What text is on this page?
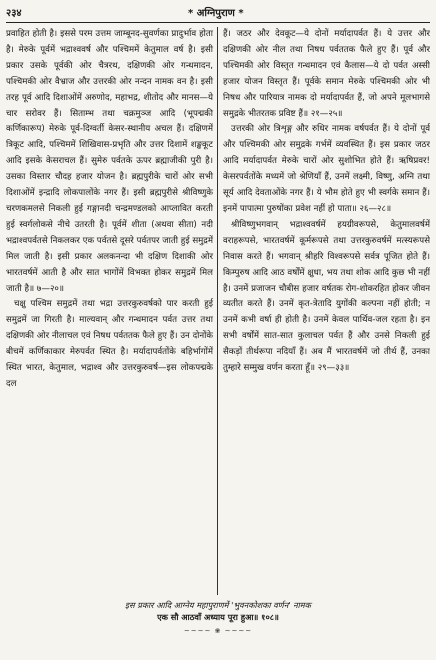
२३४	* अग्निपुराण *

प्रवाहित होती है। इससे परम उत्तम जाम्बूनद-सुवर्णका प्रादुर्भाव होता है। मेरुके पूर्वमें भद्राश्ववर्ष और पश्चिममें केतुमाल वर्ष है। इसी प्रकार उसके पूर्वकी ओर चैत्ररथ, दक्षिणकी ओर गन्धमादन, पश्चिमकी ओर वैभ्राज और उत्तरकी ओर नन्दन नामक वन है। इसी तरह पूर्व आदि दिशाओंमें अरुणोद, महाभद्र, शीतोद और मानस—ये चार सरोवर हैं। सिताम्भ तथा चक्रमुञ्ज आदि (भूपद्मकी कर्णिकारूप) मेरुके पूर्व-दिग्वर्ती केसर-स्थानीय अचल हैं। दक्षिणमें त्रिकूट आदि, पश्चिममें शिखिवास-प्रभृति और उत्तर दिशामें शङ्खकूट आदि इसके केसराचल हैं। सुमेरु पर्वतके ऊपर ब्रह्माजीकी पुरी है। उसका विस्तार चौदह हजार योजन है। ब्रह्मपुरीके चारों ओर सभी दिशाओंमें इन्द्रादि लोकपालोंके नगर हैं। इसी ब्रह्मपुरीसे श्रीविष्णुके चरणकमलसे निकली हुई गङ्गानदी चन्द्रमण्डलको आप्लावित करती हुई स्वर्गलोकसे नीचे उतरती है। पूर्वमें शीता (अथवा सीता) नदी भद्राश्वपर्वतसे निकलकर एक पर्वतसे दूसरे पर्वतपर जाती हुई समुद्रमें मिल जाती है। इसी प्रकार अलकनन्दा भी दक्षिण दिशाकी ओर भारतवर्षमें आती है और सात भागोंमें विभक्त होकर समुद्रमें मिल जाती है॥ ७—२०॥

चक्षु पश्चिम समुद्रमें तथा भद्रा उत्तरकुरुवर्षको पार करती हुई समुद्रमें जा गिरती है। माल्यवान् और गन्धमादन पर्वत उत्तर तथा दक्षिणकी ओर नीलाचल एवं निषध पर्वततक फैले हुए हैं। उन दोनोंके बीचमें कर्णिकाकार मेरुपर्वत स्थित है। मर्यादापर्वतोंके बहिर्भागोंमें स्थित भारत, केतुमाल, भद्राश्व और उत्तरकुरुवर्ष—इस लोकपद्मके दल

हैं। जठर और देवकूट—ये दोनों मर्यादापर्वत हैं। ये उत्तर और दक्षिणकी ओर नील तथा निषध पर्वततक फैले हुए हैं। पूर्व और पश्चिमकी ओर विस्तृत गन्धमादन एवं कैलास—ये दो पर्वत अस्सी हजार योजन विस्तृत हैं। पूर्वके समान मेरुके पश्चिमकी ओर भी निषध और पारियात्र नामक दो मर्यादापर्वत हैं, जो अपने मूलभागसे समुद्रके भीतरतक प्रविष्ट हैं॥ २१—२५॥

उत्तरकी ओर त्रिशृङ्ग और रुधिर नामक वर्षपर्वत हैं। ये दोनों पूर्व और पश्चिमकी ओर समुद्रके गर्भमें व्यवस्थित हैं। इस प्रकार जठर आदि मर्यादापर्वत मेरुके चारों ओर सुशोभित होते हैं। ऋषिप्रवर! केसरपर्वतोंके मध्यमें जो श्रेणियाँ हैं, उनमें लक्ष्मी, विष्णु, अग्नि तथा सूर्य आदि देवताओंके नगर हैं। ये भौम होते हुए भी स्वर्गके समान हैं। इनमें पापात्मा पुरुषोंका प्रवेश नहीं हो पाता॥ २६—२८॥

श्रीविष्णुभगवान् भद्राश्ववर्षमें हयग्रीवरूपसे, केतुमालवर्षमें वराहरूपसे, भारतवर्षमें कूर्मरूपसे तथा उत्तरकुरुवर्षमें मत्स्यरूपसे निवास करते हैं। भगवान् श्रीहरि विश्वरूपसे सर्वत्र पूजित होते हैं। किम्पुरुष आदि आठ वर्षोंमें क्षुधा, भय तथा शोक आदि कुछ भी नहीं है। उनमें प्रजाजन चौबीस हजार वर्षतक रोग-शोकरहित होकर जीवन व्यतीत करते हैं। उनमें कृत-त्रेतादि युगोंकी कल्पना नहीं होती; न उनमें कभी वर्षा ही होती है। उनमें केवल पार्थिव-जल रहता है। इन सभी वर्षोंमें सात-सात कुलाचल पर्वत हैं और उनसे निकली हुई सैकड़ों तीर्थरूपा नदियाँ हैं। अब मैं भारतवर्षमें जो तीर्थ हैं, उनका तुम्हारे सम्मुख वर्णन करता हूँ॥ २९—३३॥

इस प्रकार आदि आग्नेय महापुराणमें 'भुवनकोशका वर्णन' नामक
एक सौ आठवाँ अध्याय पूरा हुआ॥ १०८॥
~~~~ ❀ ~~~~
